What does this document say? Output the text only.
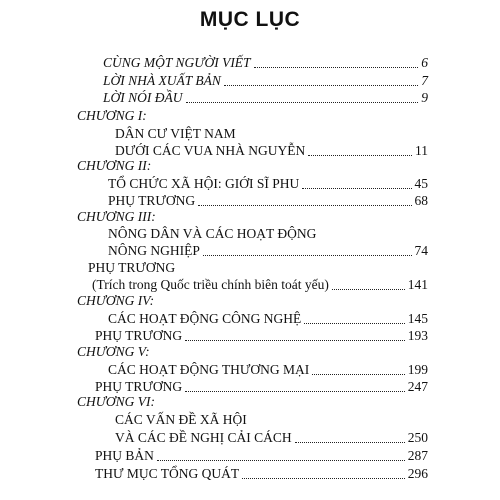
MỤC LỤC
CÙNG MỘT NGƯỜI VIẾT	6
LỜI NHÀ XUẤT BẢN	7
LỜI NÓI ĐẦU	9
CHƯƠNG I:
DÂN CƯ VIỆT NAM
DƯỚI CÁC VUA NHÀ NGUYỄN	11
CHƯƠNG II:
TỔ CHỨC XÃ HỘI: GIỚI SĨ PHU	45
PHỤ TRƯƠNG	68
CHƯƠNG III:
NÔNG DÂN VÀ CÁC HOẠT ĐỘNG
NÔNG NGHIỆP	74
PHỤ TRƯƠNG
(Trích trong Quốc triều chính biên toát yếu)	141
CHƯƠNG IV:
CÁC HOẠT ĐỘNG CÔNG NGHỆ	145
PHỤ TRƯƠNG	193
CHƯƠNG V:
CÁC HOẠT ĐỘNG THƯƠNG MẠI	199
PHỤ TRƯƠNG	247
CHƯƠNG VI:
CÁC VẤN ĐỀ XÃ HỘI
VÀ CÁC ĐỀ NGHỊ CẢI CÁCH	250
PHỤ BẢN	287
THƯ MỤC TỔNG QUÁT	296
